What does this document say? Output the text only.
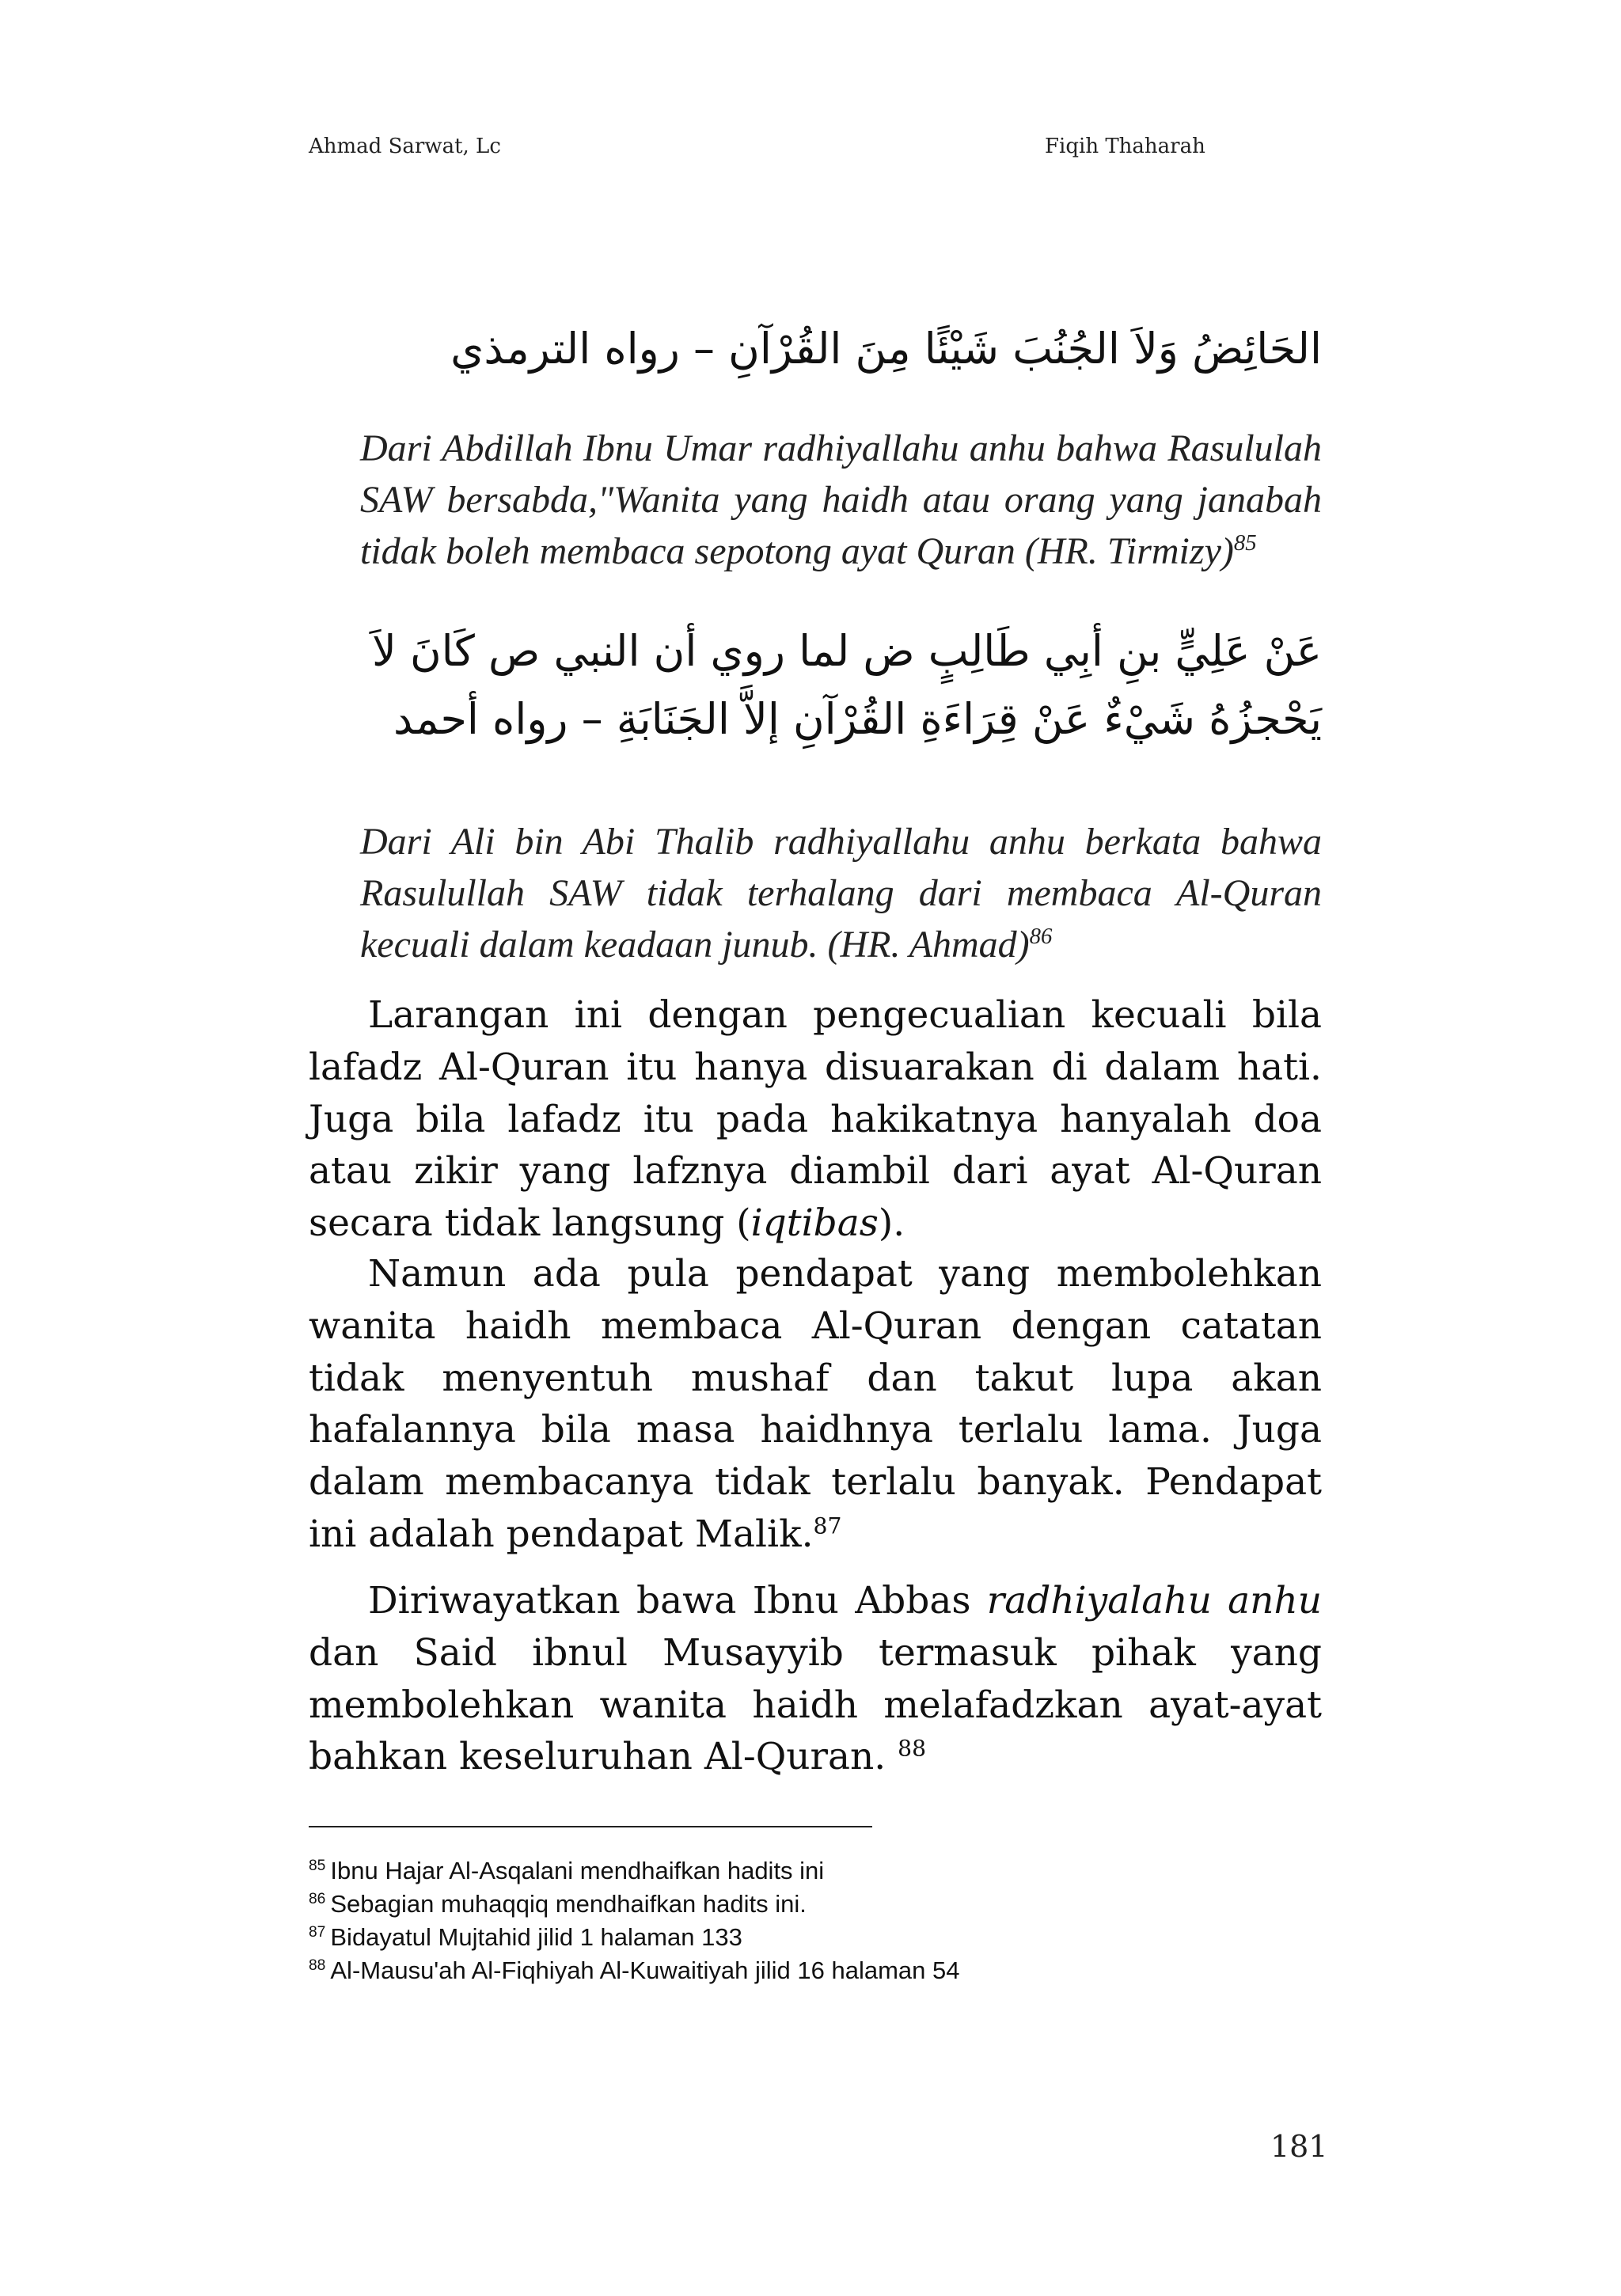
Ahmad Sarwat, Lc	Fiqih Thaharah
الحَائِضُ وَلاَ الجُنُبَ شَيْئًا مِنَ القُرْآنِ – رواه الترمذي
Dari Abdillah Ibnu Umar radhiyallahu anhu bahwa Rasululah SAW bersabda,"Wanita yang haidh atau orang yang janabah tidak boleh membaca sepotong ayat Quran (HR. Tirmizy)$^{85}$
عَنْ عَلِيٍّ بنِ أبِي طَالِبٍ ض لما روي أن النبي ص كَانَ لاَ
يَحْجزُهُ شَيْءٌ عَنْ قِرَاءَةِ القُرْآنِ إلاَّ الجَنَابَةِ – رواه أحمد
Dari Ali bin Abi Thalib radhiyallahu anhu berkata bahwa Rasulullah SAW tidak terhalang dari membaca Al-Quran kecuali dalam keadaan junub. (HR. Ahmad)$^{86}$

Larangan ini dengan pengecualian kecuali bila lafadz Al-Quran itu hanya disuarakan di dalam hati. Juga bila lafadz itu pada hakikatnya hanyalah doa atau zikir yang lafznya diambil dari ayat Al-Quran secara tidak langsung (iqtibas).

Namun ada pula pendapat yang membolehkan wanita haidh membaca Al-Quran dengan catatan tidak menyentuh mushaf dan takut lupa akan hafalannya bila masa haidhnya terlalu lama. Juga dalam membacanya tidak terlalu banyak. Pendapat ini adalah pendapat Malik.$^{87}$

Diriwayatkan bawa Ibnu Abbas radhiyalahu anhu dan Said ibnul Musayyib termasuk pihak yang membolehkan wanita haidh melafadzkan ayat-ayat bahkan keseluruhan Al-Quran. $^{88}$

$^{85}$ Ibnu Hajar Al-Asqalani mendhaifkan hadits ini
$^{86}$ Sebagian muhaqqiq mendhaifkan hadits ini.
$^{87}$ Bidayatul Mujtahid jilid 1 halaman 133
$^{88}$ Al-Mausu'ah Al-Fiqhiyah Al-Kuwaitiyah jilid 16 halaman 54
181
